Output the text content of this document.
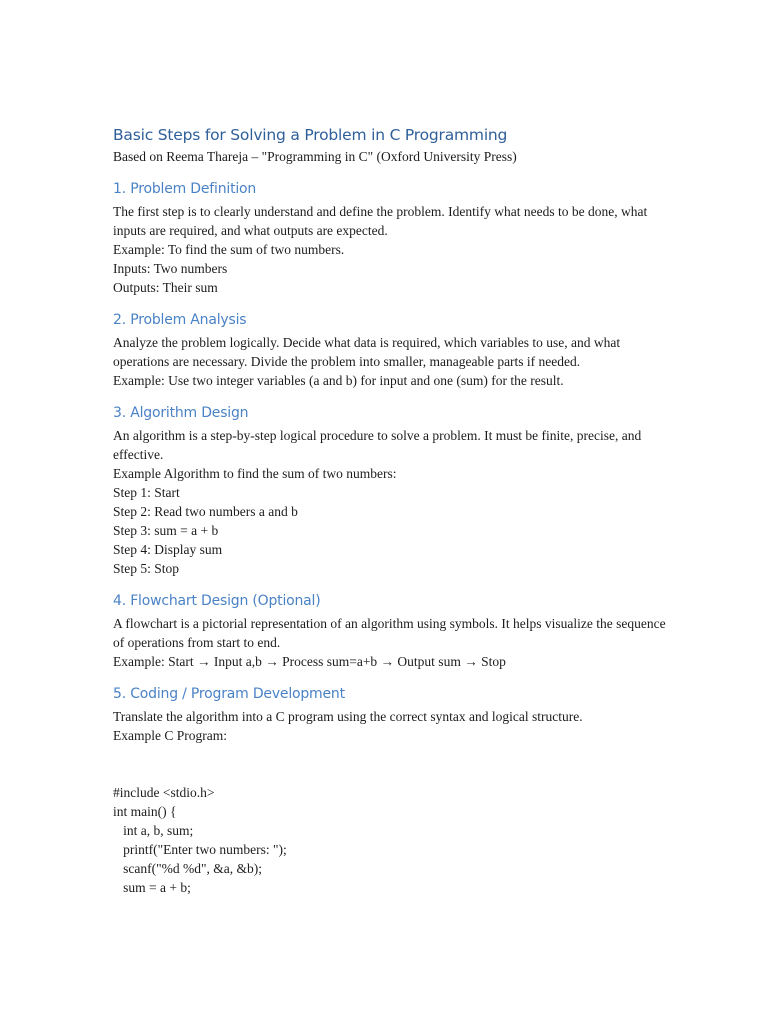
Basic Steps for Solving a Problem in C Programming

Based on Reema Thareja – "Programming in C" (Oxford University Press)

1. Problem Definition

The first step is to clearly understand and define the problem. Identify what needs to be done, what inputs are required, and what outputs are expected.

Example: To find the sum of two numbers.
Inputs: Two numbers
Outputs: Their sum
2. Problem Analysis

Analyze the problem logically. Decide what data is required, which variables to use, and what operations are necessary. Divide the problem into smaller, manageable parts if needed.

Example: Use two integer variables (a and b) for input and one (sum) for the result.
3. Algorithm Design

An algorithm is a step-by-step logical procedure to solve a problem. It must be finite, precise, and effective.

Example Algorithm to find the sum of two numbers:
Step 1: Start
Step 2: Read two numbers a and b
Step 3: sum = a + b
Step 4: Display sum
Step 5: Stop
4. Flowchart Design (Optional)

A flowchart is a pictorial representation of an algorithm using symbols. It helps visualize the sequence of operations from start to end.

Example: Start → Input a,b → Process sum=a+b → Output sum → Stop
5. Coding / Program Development

Translate the algorithm into a C program using the correct syntax and logical structure.

Example C Program:
#include <stdio.h>
int main() {
int a, b, sum;
printf("Enter two numbers: ");
scanf("%d %d", &a, &b);
sum = a + b;
